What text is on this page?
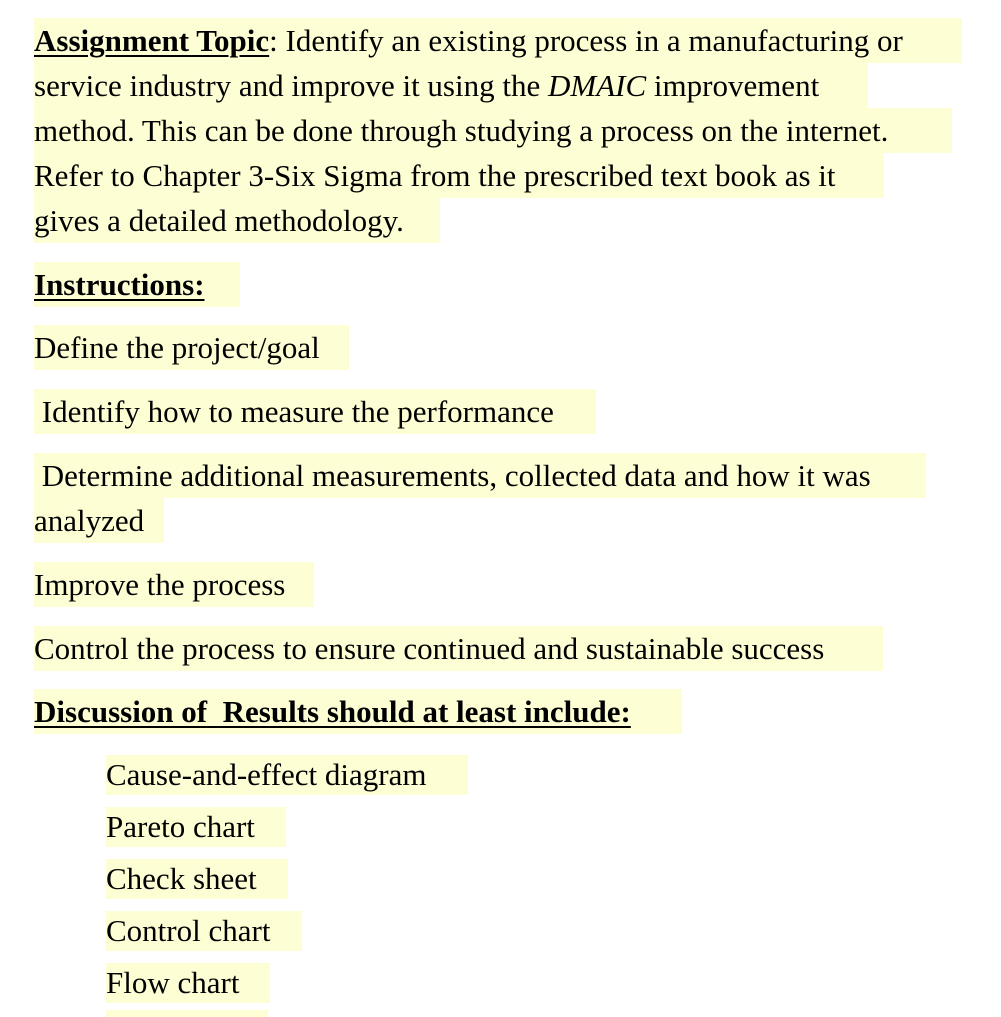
Assignment Topic: Identify an existing process in a manufacturing or
service industry and improve it using the DMAIC improvement
method. This can be done through studying a process on the internet.
Refer to Chapter 3-Six Sigma from the prescribed text book as it
gives a detailed methodology.
Instructions:
Define the project/goal
Identify how to measure the performance
Determine additional measurements, collected data and how it was
analyzed
Improve the process
Control the process to ensure continued and sustainable success
Discussion of  Results should at least include:
Cause-and-effect diagram
Pareto chart
Check sheet
Control chart
Flow chart
